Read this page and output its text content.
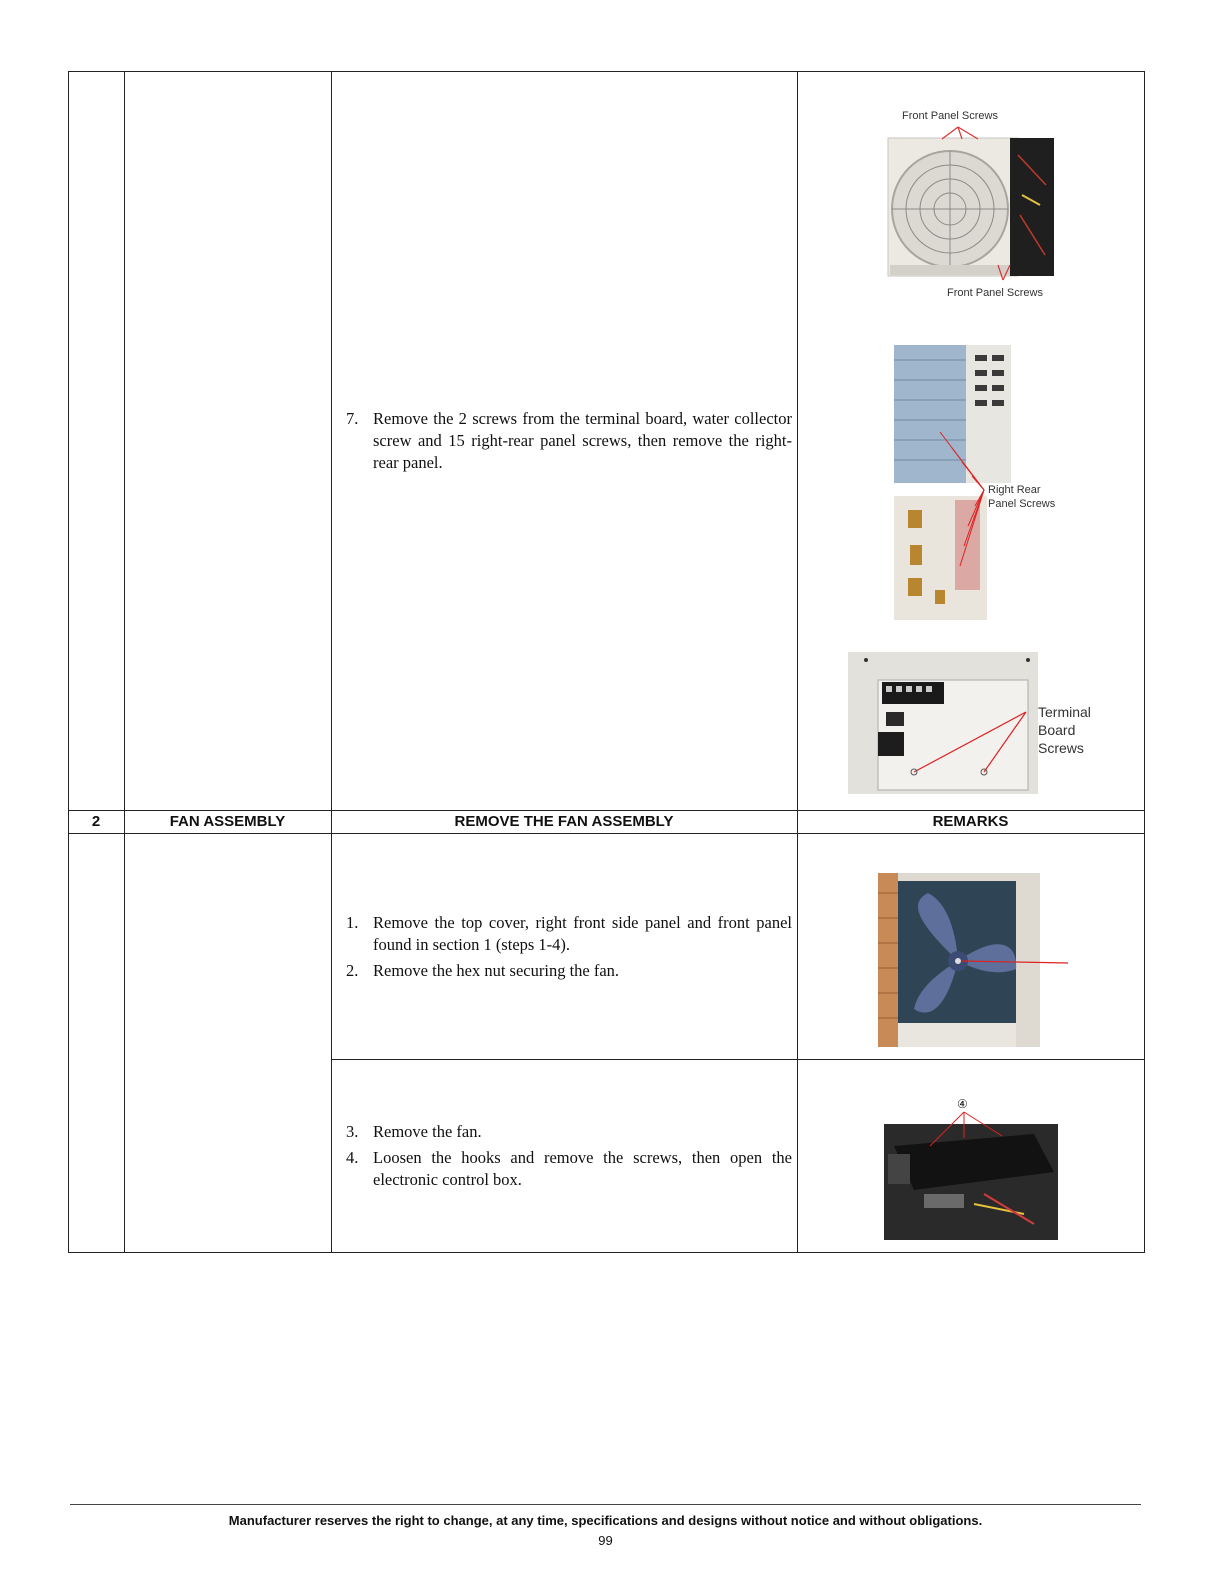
7. Remove the 2 screws from the terminal board, water collector screw and 15 right-rear panel screws, then remove the right-rear panel.
Front Panel Screws
Front Panel Screws
Right Rear
Panel Screws
Terminal
Board
Screws
2	FAN ASSEMBLY	REMOVE THE FAN ASSEMBLY	REMARKS
1. Remove the top cover, right front side panel and front panel found in section 1 (steps 1-4).
2. Remove the hex nut securing the fan.
3. Remove the fan.
4. Loosen the hooks and remove the screws, then open the electronic control box.
④
Manufacturer reserves the right to change, at any time, specifications and designs without notice and without obligations.
99
